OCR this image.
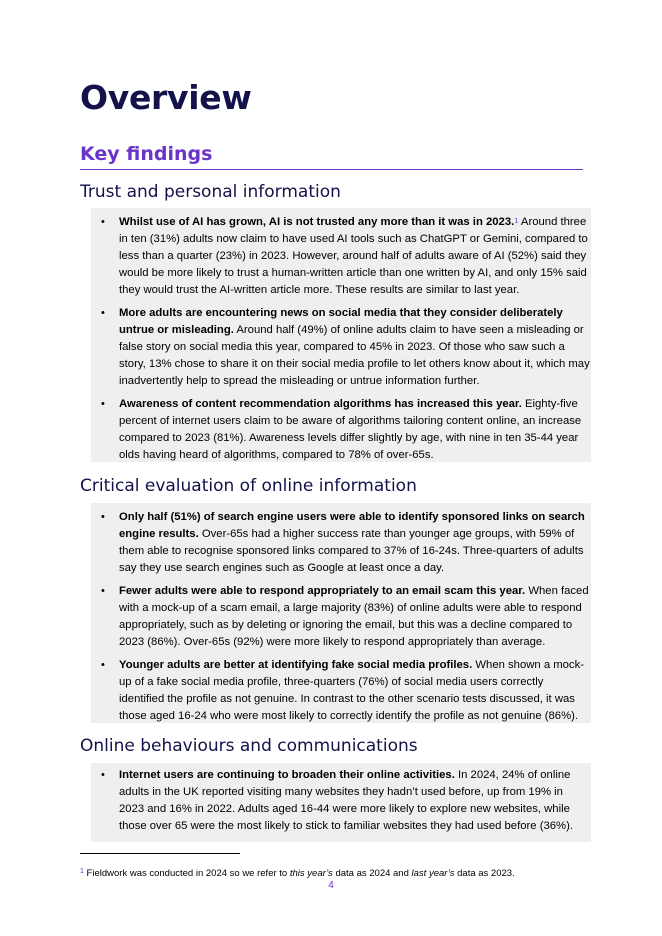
Overview
Key findings
Trust and personal information
• Whilst use of AI has grown, AI is not trusted any more than it was in 2023.$^1$ Around three in ten (31%) adults now claim to have used AI tools such as ChatGPT or Gemini, compared to less than a quarter (23%) in 2023. However, around half of adults aware of AI (52%) said they would be more likely to trust a human-written article than one written by AI, and only 15% said they would trust the AI-written article more. These results are similar to last year.
• More adults are encountering news on social media that they consider deliberately untrue or misleading. Around half (49%) of online adults claim to have seen a misleading or false story on social media this year, compared to 45% in 2023. Of those who saw such a story, 13% chose to share it on their social media profile to let others know about it, which may inadvertently help to spread the misleading or untrue information further.
• Awareness of content recommendation algorithms has increased this year. Eighty-five percent of internet users claim to be aware of algorithms tailoring content online, an increase compared to 2023 (81%). Awareness levels differ slightly by age, with nine in ten 35-44 year olds having heard of algorithms, compared to 78% of over-65s.
Critical evaluation of online information
• Only half (51%) of search engine users were able to identify sponsored links on search engine results. Over-65s had a higher success rate than younger age groups, with 59% of them able to recognise sponsored links compared to 37% of 16-24s. Three-quarters of adults say they use search engines such as Google at least once a day.
• Fewer adults were able to respond appropriately to an email scam this year. When faced with a mock-up of a scam email, a large majority (83%) of online adults were able to respond appropriately, such as by deleting or ignoring the email, but this was a decline compared to 2023 (86%). Over-65s (92%) were more likely to respond appropriately than average.
• Younger adults are better at identifying fake social media profiles. When shown a mock-up of a fake social media profile, three-quarters (76%) of social media users correctly identified the profile as not genuine. In contrast to the other scenario tests discussed, it was those aged 16-24 who were most likely to correctly identify the profile as not genuine (86%).
Online behaviours and communications
• Internet users are continuing to broaden their online activities. In 2024, 24% of online adults in the UK reported visiting many websites they hadn’t used before, up from 19% in 2023 and 16% in 2022. Adults aged 16-44 were more likely to explore new websites, while those over 65 were the most likely to stick to familiar websites they had used before (36%).
$^1$ Fieldwork was conducted in 2024 so we refer to this year’s data as 2024 and last year’s data as 2023.
4
